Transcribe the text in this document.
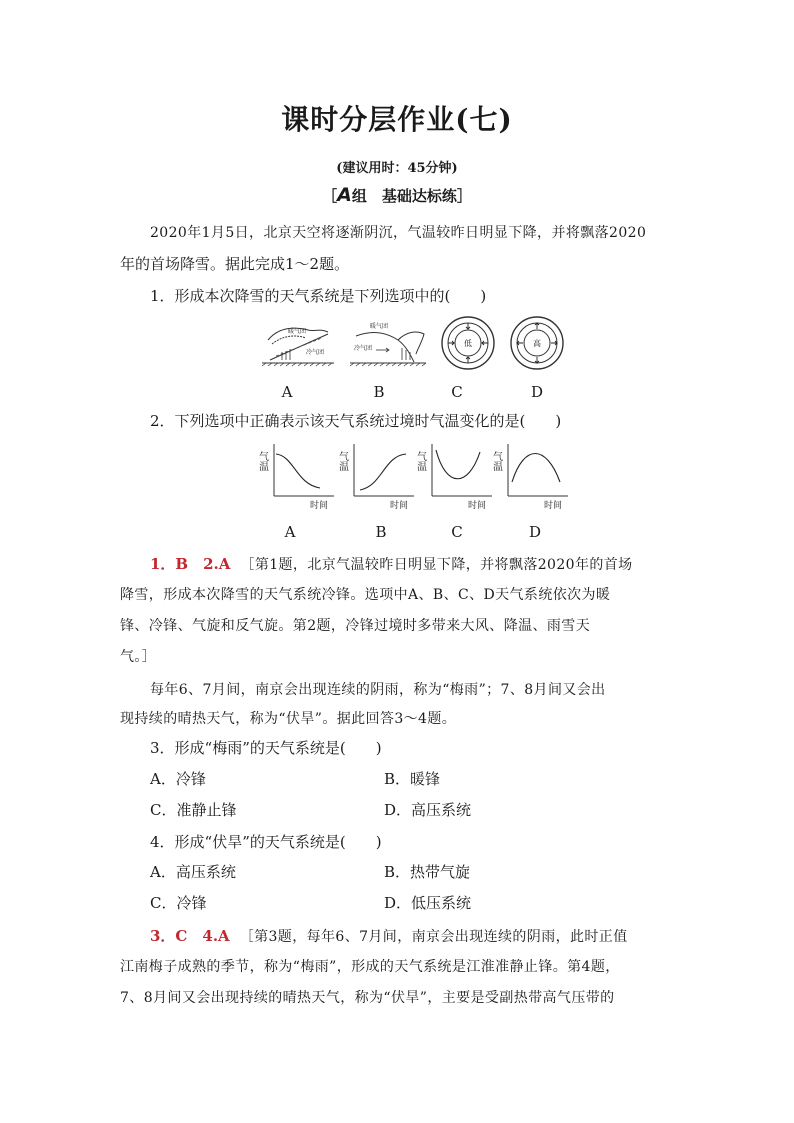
课时分层作业(七)
(建议用时：45分钟)
［A组　基础达标练］
2020年1月5日，北京天空将逐渐阴沉，气温较昨日明显下降，并将飘落2020
年的首场降雪。据此完成1～2题。
1．形成本次降雪的天气系统是下列选项中的(　　)
暖气团
冷气团
暖气团
冷气团
低	高
A	B	C	D
2．下列选项中正确表示该天气系统过境时气温变化的是(　　)
气温
时间
气温
时间
气温
时间
气温
时间
A	B	C	D
1．B　2.A ［第1题，北京气温较昨日明显下降，并将飘落2020年的首场
降雪，形成本次降雪的天气系统冷锋。选项中A、B、C、D天气系统依次为暖
锋、冷锋、气旋和反气旋。第2题，冷锋过境时多带来大风、降温、雨雪天
气。］
每年6、7月间，南京会出现连续的阴雨，称为“梅雨”；7、8月间又会出
现持续的晴热天气，称为“伏旱”。据此回答3～4题。
3．形成“梅雨”的天气系统是(　　)
A．冷锋	B．暖锋
C．准静止锋	D．高压系统
4．形成“伏旱”的天气系统是(　　)
A．高压系统	B．热带气旋
C．冷锋	D．低压系统
3．C　4.A ［第3题，每年6、7月间，南京会出现连续的阴雨，此时正值
江南梅子成熟的季节，称为“梅雨”，形成的天气系统是江淮准静止锋。第4题，
7、8月间又会出现持续的晴热天气，称为“伏旱”，主要是受副热带高气压带的
